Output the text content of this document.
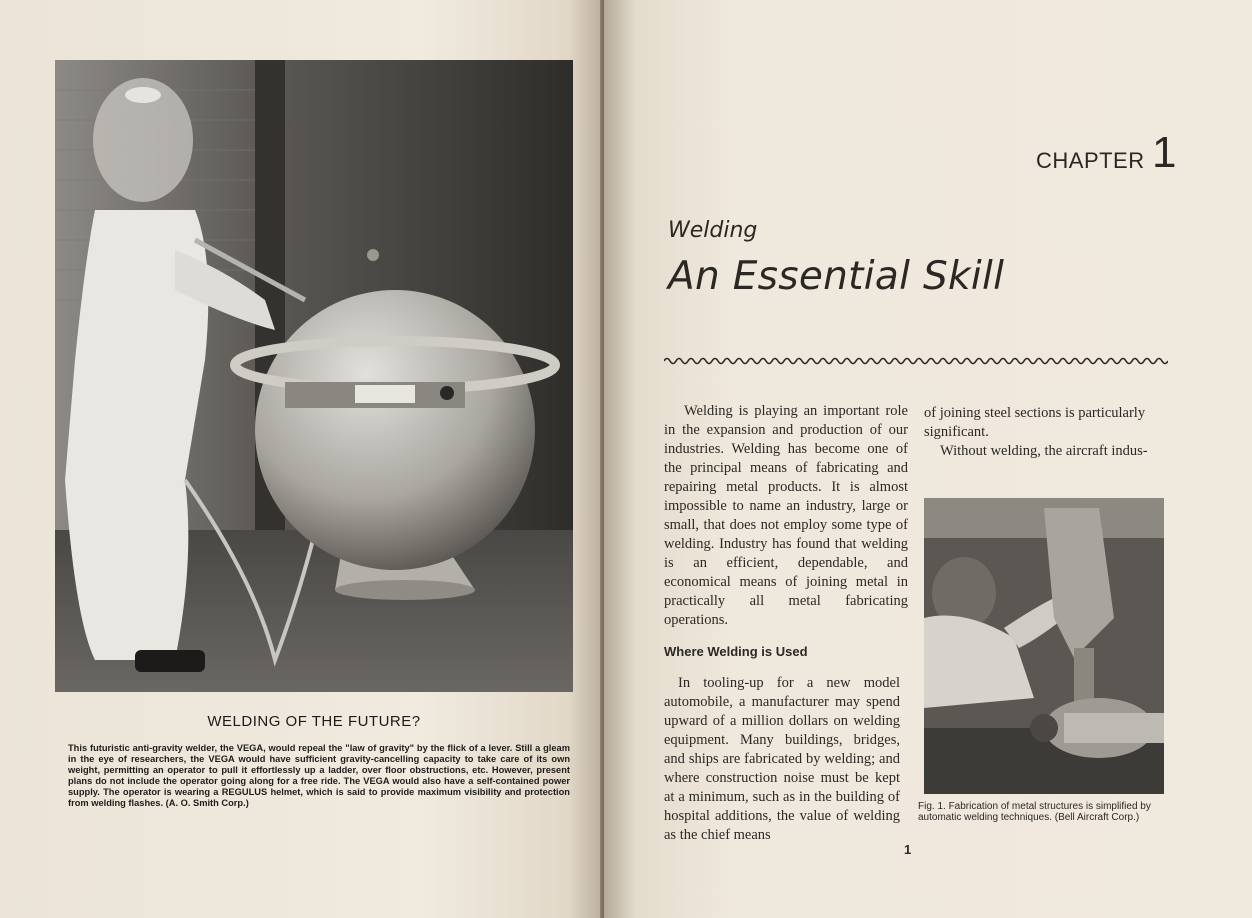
WELDING OF THE FUTURE?
This futuristic anti-gravity welder, the VEGA, would repeal the "law of gravity" by the flick of a lever. Still a gleam in the eye of researchers, the VEGA would have sufficient gravity-cancelling capacity to take care of its own weight, permitting an operator to pull it effortlessly up a ladder, over floor obstructions, etc. However, present plans do not include the operator going along for a free ride. The VEGA would also have a self-contained power supply. The operator is wearing a REGULUS helmet, which is said to provide maximum visibility and protection from welding flashes. (A. O. Smith Corp.)
CHAPTER 1
Welding
An Essential Skill

Welding is playing an important role in the expansion and production of our industries. Welding has become one of the principal means of fabricating and repairing metal products. It is almost impossible to name an industry, large or small, that does not employ some type of welding. Industry has found that welding is an efficient, dependable, and economical means of joining metal in practically all metal fabricating operations.

Where Welding is Used

In tooling-up for a new model automobile, a manufacturer may spend upward of a million dollars on welding equipment. Many buildings, bridges, and ships are fabricated by welding; and where construction noise must be kept at a minimum, such as in the building of hospital additions, the value of welding as the chief means

of joining steel sections is particularly significant.

Without welding, the aircraft indus-

Fig. 1. Fabrication of metal structures is simplified by automatic welding techniques. (Bell Aircraft Corp.)
1
